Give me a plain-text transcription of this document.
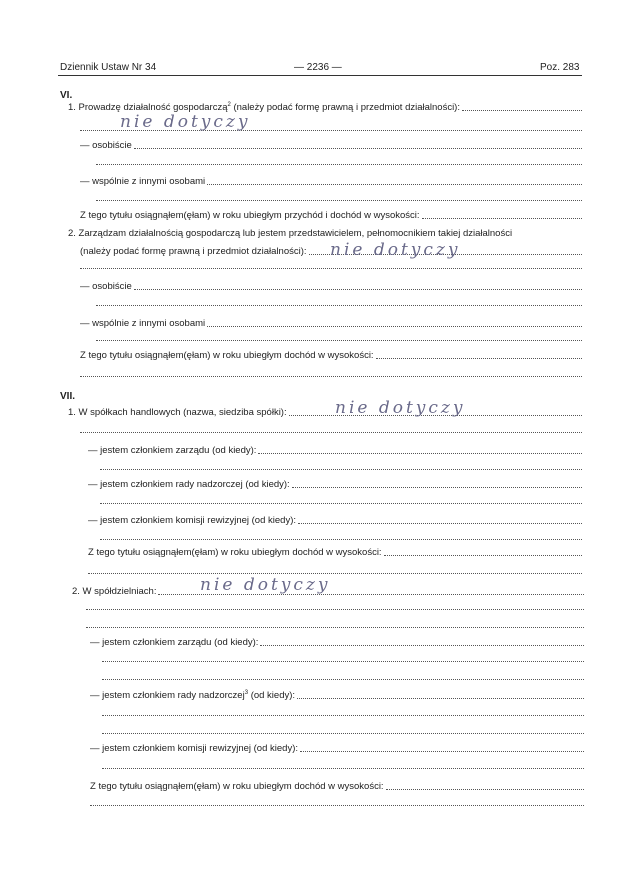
Dziennik Ustaw Nr 34	— 2236 —	Poz. 283
VI.
1. Prowadzę działalność gospodarczą$^2$ (należy podać formę prawną i przedmiot działalności):
nie dotyczy
— osobiście
— wspólnie z innymi osobami
Z tego tytułu osiągnąłem(ęłam) w roku ubiegłym przychód i dochód w wysokości:
2. Zarządzam działalnością gospodarczą lub jestem przedstawicielem, pełnomocnikiem takiej działalności
(należy podać formę prawną i przedmiot działalności): nie dotyczy
— osobiście
— wspólnie z innymi osobami
Z tego tytułu osiągnąłem(ęłam) w roku ubiegłym dochód w wysokości:
VII.
1. W spółkach handlowych (nazwa, siedziba spółki):	nie dotyczy
— jestem członkiem zarządu (od kiedy):
— jestem członkiem rady nadzorczej (od kiedy):
— jestem członkiem komisji rewizyjnej (od kiedy):
Z tego tytułu osiągnąłem(ęłam) w roku ubiegłym dochód w wysokości:
2. W spółdzielniach:	nie dotyczy
— jestem członkiem zarządu (od kiedy):
— jestem członkiem rady nadzorczej$^3$ (od kiedy):
— jestem członkiem komisji rewizyjnej (od kiedy):
Z tego tytułu osiągnąłem(ęłam) w roku ubiegłym dochód w wysokości:
